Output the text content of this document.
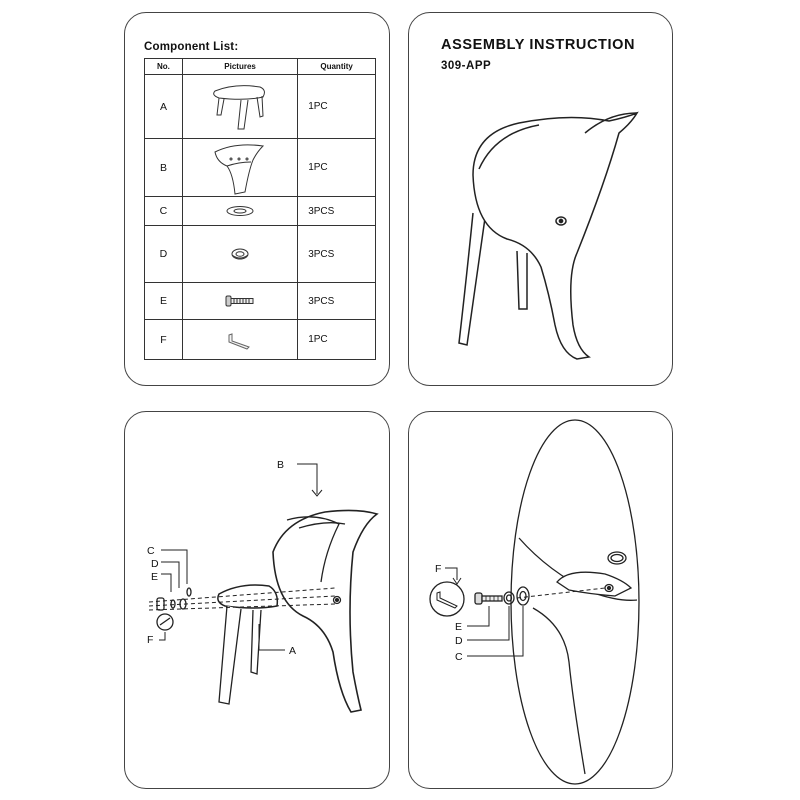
Component List:
No.	Pictures	Quantity
A		1PC
B		1PC
C		3PCS
D		3PCS
E		3PCS
F		1PC
ASSEMBLY INSTRUCTION
309-APP
B
C
D
E
F
A
F
E
D
C
